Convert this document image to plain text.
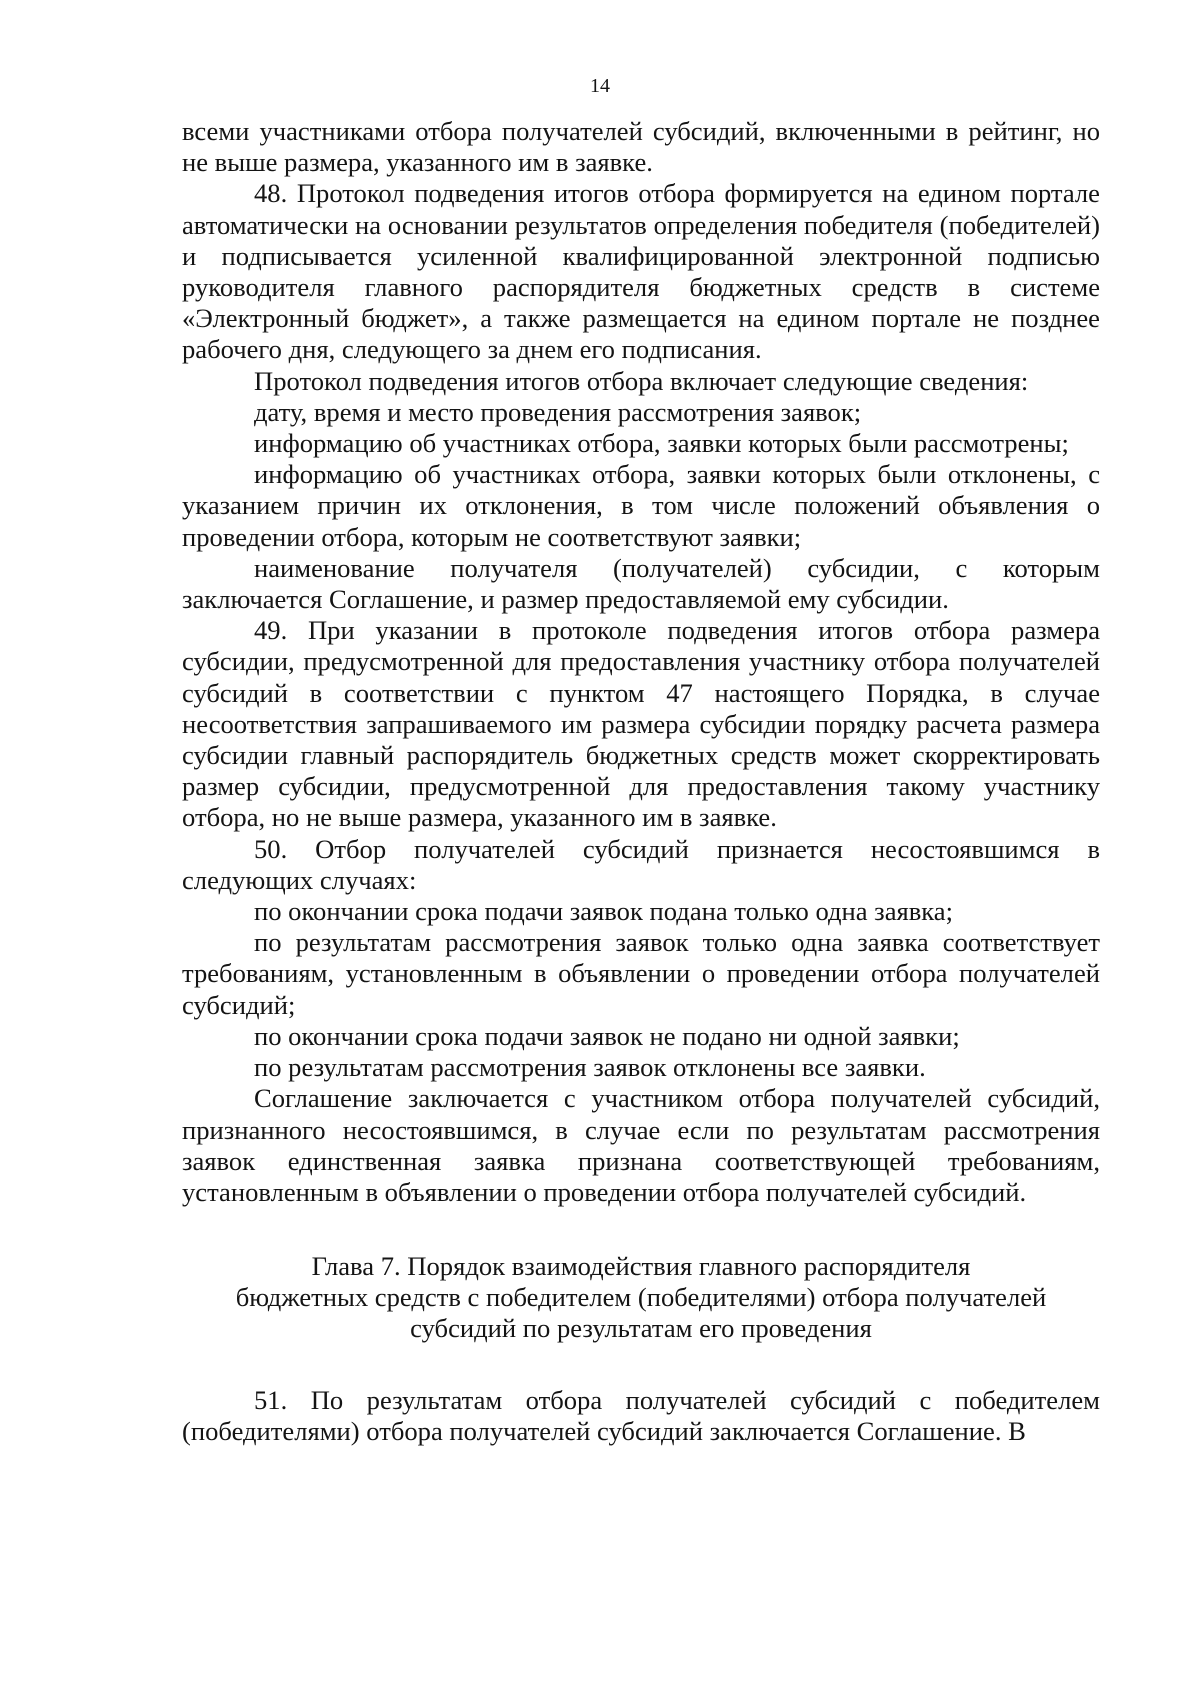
14

всеми участниками отбора получателей субсидий, включенными в рейтинг, но не выше размера, указанного им в заявке.

48. Протокол подведения итогов отбора формируется на едином портале автоматически на основании результатов определения победителя (победителей) и подписывается усиленной квалифицированной электронной подписью руководителя главного распорядителя бюджетных средств в системе «Электронный бюджет», а также размещается на едином портале не позднее рабочего дня, следующего за днем его подписания.

Протокол подведения итогов отбора включает следующие сведения:

дату, время и место проведения рассмотрения заявок;

информацию об участниках отбора, заявки которых были рассмотрены;

информацию об участниках отбора, заявки которых были отклонены, с указанием причин их отклонения, в том числе положений объявления о проведении отбора, которым не соответствуют заявки;

наименование получателя (получателей) субсидии, с которым заключается Соглашение, и размер предоставляемой ему субсидии.

49. При указании в протоколе подведения итогов отбора размера субсидии, предусмотренной для предоставления участнику отбора получателей субсидий в соответствии с пунктом 47 настоящего Порядка, в случае несоответствия запрашиваемого им размера субсидии порядку расчета размера субсидии главный распорядитель бюджетных средств может скорректировать размер субсидии, предусмотренной для предоставления такому участнику отбора, но не выше размера, указанного им в заявке.

50. Отбор получателей субсидий признается несостоявшимся в следующих случаях:

по окончании срока подачи заявок подана только одна заявка;

по результатам рассмотрения заявок только одна заявка соответствует требованиям, установленным в объявлении о проведении отбора получателей субсидий;

по окончании срока подачи заявок не подано ни одной заявки;

по результатам рассмотрения заявок отклонены все заявки.

Соглашение заключается с участником отбора получателей субсидий, признанного несостоявшимся, в случае если по результатам рассмотрения заявок единственная заявка признана соответствующей требованиям, установленным в объявлении о проведении отбора получателей субсидий.

Глава 7. Порядок взаимодействия главного распорядителя
бюджетных средств с победителем (победителями) отбора получателей
субсидий по результатам его проведения

51. По результатам отбора получателей субсидий с победителем (победителями) отбора получателей субсидий заключается Соглашение. В
